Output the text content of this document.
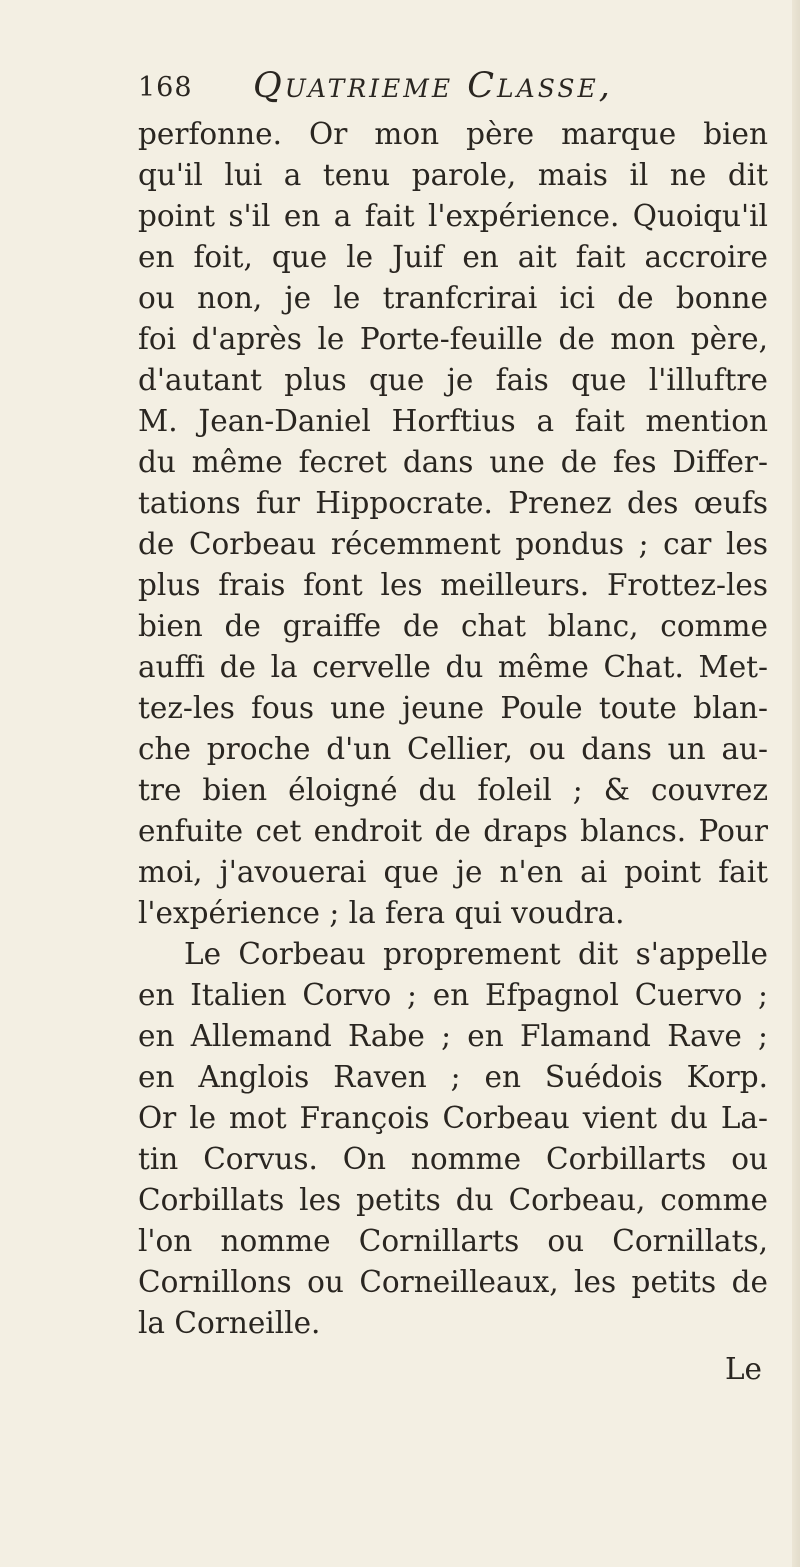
168 Quatrieme Classe,
perfonne. Or mon père marque bien
qu'il lui a tenu parole, mais il ne dit
point s'il en a fait l'expérience. Quoiqu'il
en foit, que le Juif en ait fait accroire
ou non, je le tranfcrirai ici de bonne
foi d'après le Porte-feuille de mon père,
d'autant plus que je fais que l'illuftre
M. Jean-Daniel Horftius a fait mention
du même fecret dans une de fes Differ-
tations fur Hippocrate. Prenez des œufs
de Corbeau récemment pondus ; car les
plus frais font les meilleurs. Frottez-les
bien de graiffe de chat blanc, comme
auffi de la cervelle du même Chat. Met-
tez-les fous une jeune Poule toute blan-
che proche d'un Cellier, ou dans un au-
tre bien éloigné du foleil ; & couvrez
enfuite cet endroit de draps blancs. Pour
moi, j'avouerai que je n'en ai point fait
l'expérience ; la fera qui voudra.
Le Corbeau proprement dit s'appelle
en Italien Corvo ; en Efpagnol Cuervo ;
en Allemand Rabe ; en Flamand Rave ;
en Anglois Raven ; en Suédois Korp.
Or le mot François Corbeau vient du La-
tin Corvus. On nomme Corbillarts ou
Corbillats les petits du Corbeau, comme
l'on nomme Cornillarts ou Cornillats,
Cornillons ou Corneilleaux, les petits de
la Corneille.
Le
